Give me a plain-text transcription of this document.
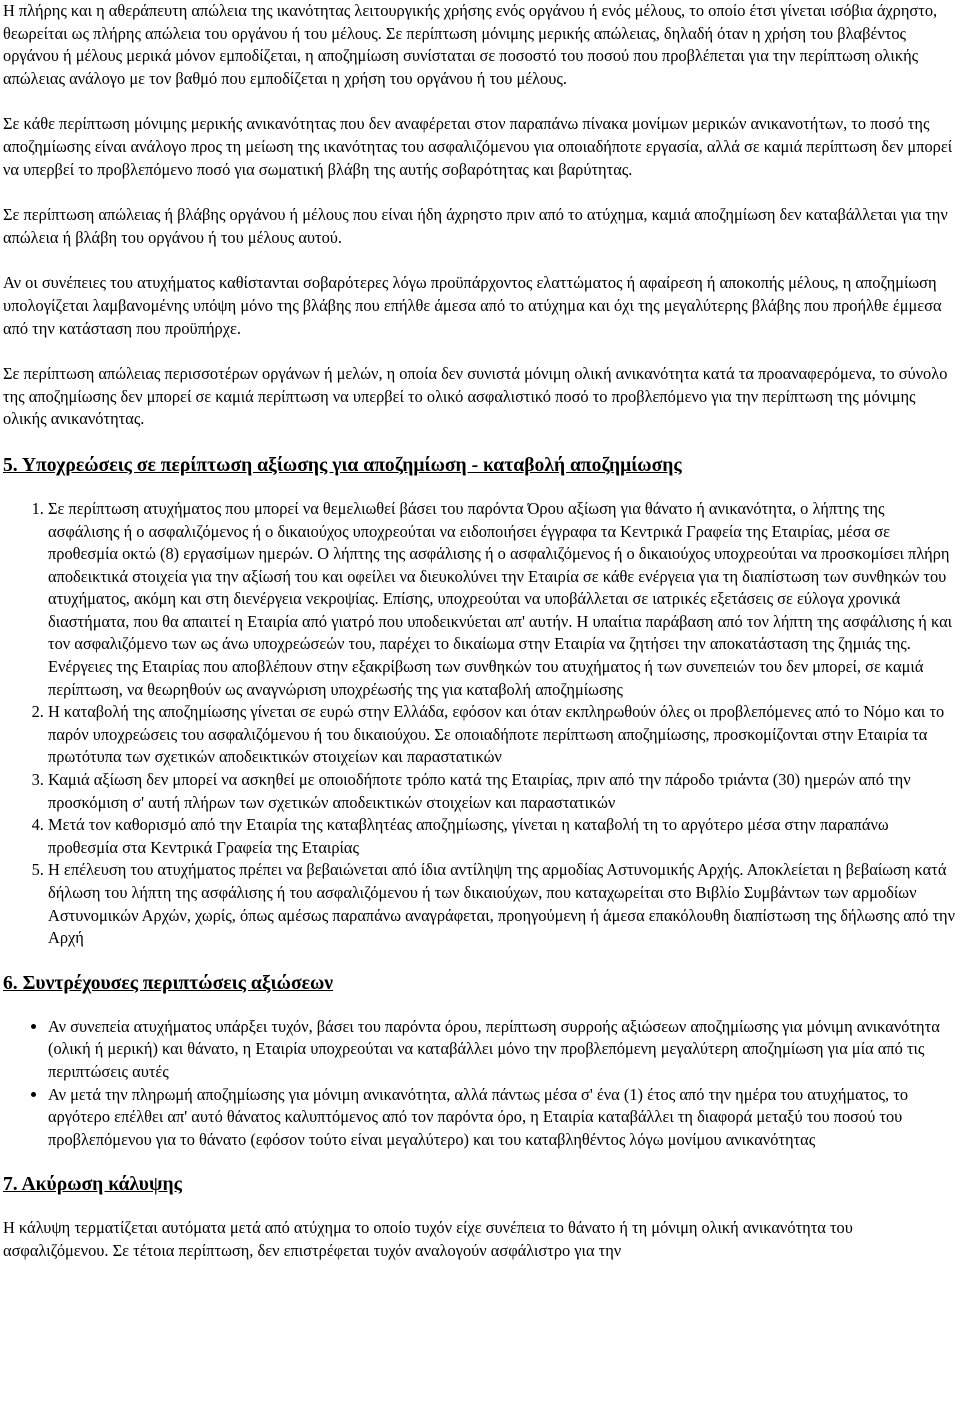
Η πλήρης και η αθεράπευτη απώλεια της ικανότητας λειτουργικής χρήσης ενός οργάνου ή ενός μέλους, το οποίο έτσι γίνεται ισόβια άχρηστο, θεωρείται ως πλήρης απώλεια του οργάνου ή του μέλους. Σε περίπτωση μόνιμης μερικής απώλειας, δηλαδή όταν η χρήση του βλαβέντος οργάνου ή μέλους μερικά μόνον εμποδίζεται, η αποζημίωση συνίσταται σε ποσοστό του ποσού που προβλέπεται για την περίπτωση ολικής απώλειας ανάλογο με τον βαθμό που εμποδίζεται η χρήση του οργάνου ή του μέλους.

Σε κάθε περίπτωση μόνιμης μερικής ανικανότητας που δεν αναφέρεται στον παραπάνω πίνακα μονίμων μερικών ανικανοτήτων, το ποσό της αποζημίωσης είναι ανάλογο προς τη μείωση της ικανότητας του ασφαλιζόμενου για οποιαδήποτε εργασία, αλλά σε καμιά περίπτωση δεν μπορεί να υπερβεί το προβλεπόμενο ποσό για σωματική βλάβη της αυτής σοβαρότητας και βαρύτητας.

Σε περίπτωση απώλειας ή βλάβης οργάνου ή μέλους που είναι ήδη άχρηστο πριν από το ατύχημα, καμιά αποζημίωση δεν καταβάλλεται για την απώλεια ή βλάβη του οργάνου ή του μέλους αυτού.

Αν οι συνέπειες του ατυχήματος καθίστανται σοβαρότερες λόγω προϋπάρχοντος ελαττώματος ή αφαίρεση ή αποκοπής μέλους, η αποζημίωση υπολογίζεται λαμβανομένης υπόψη μόνο της βλάβης που επήλθε άμεσα από το ατύχημα και όχι της μεγαλύτερης βλάβης που προήλθε έμμεσα από την κατάσταση που προϋπήρχε.

Σε περίπτωση απώλειας περισσοτέρων οργάνων ή μελών, η οποία δεν συνιστά μόνιμη ολική ανικανότητα κατά τα προαναφερόμενα, το σύνολο της αποζημίωσης δεν μπορεί σε καμιά περίπτωση να υπερβεί το ολικό ασφαλιστικό ποσό το προβλεπόμενο για την περίπτωση της μόνιμης ολικής ανικανότητας.

5. Υποχρεώσεις σε περίπτωση αξίωσης για αποζημίωση - καταβολή αποζημίωσης
1. Σε περίπτωση ατυχήματος που μπορεί να θεμελιωθεί βάσει του παρόντα Όρου αξίωση για θάνατο ή ανικανότητα, ο λήπτης της ασφάλισης ή ο ασφαλιζόμενος ή ο δικαιούχος υποχρεούται να ειδοποιήσει έγγραφα τα Κεντρικά Γραφεία της Εταιρίας, μέσα σε προθεσμία οκτώ (8) εργασίμων ημερών. Ο λήπτης της ασφάλισης ή ο ασφαλιζόμενος ή ο δικαιούχος υποχρεούται να προσκομίσει πλήρη αποδεικτικά στοιχεία για την αξίωσή του και οφείλει να διευκολύνει την Εταιρία σε κάθε ενέργεια για τη διαπίστωση των συνθηκών του ατυχήματος, ακόμη και στη διενέργεια νεκροψίας. Επίσης, υποχρεούται να υποβάλλεται σε ιατρικές εξετάσεις σε εύλογα χρονικά διαστήματα, που θα απαιτεί η Εταιρία από γιατρό που υποδεικνύεται απ' αυτήν. Η υπαίτια παράβαση από τον λήπτη της ασφάλισης ή και τον ασφαλιζόμενο των ως άνω υποχρεώσεών του, παρέχει το δικαίωμα στην Εταιρία να ζητήσει την αποκατάσταση της ζημιάς της. Ενέργειες της Εταιρίας που αποβλέπουν στην εξακρίβωση των συνθηκών του ατυχήματος ή των συνεπειών του δεν μπορεί, σε καμιά περίπτωση, να θεωρηθούν ως αναγνώριση υποχρέωσής της για καταβολή αποζημίωσης
2. Η καταβολή της αποζημίωσης γίνεται σε ευρώ στην Ελλάδα, εφόσον και όταν εκπληρωθούν όλες οι προβλεπόμενες από το Νόμο και το παρόν υποχρεώσεις του ασφαλιζόμενου ή του δικαιούχου. Σε οποιαδήποτε περίπτωση αποζημίωσης, προσκομίζονται στην Εταιρία τα πρωτότυπα των σχετικών αποδεικτικών στοιχείων και παραστατικών
3. Καμιά αξίωση δεν μπορεί να ασκηθεί με οποιοδήποτε τρόπο κατά της Εταιρίας, πριν από την πάροδο τριάντα (30) ημερών από την προσκόμιση σ' αυτή πλήρων των σχετικών αποδεικτικών στοιχείων και παραστατικών
4. Μετά τον καθορισμό από την Εταιρία της καταβλητέας αποζημίωσης, γίνεται η καταβολή τη το αργότερο μέσα στην παραπάνω προθεσμία στα Κεντρικά Γραφεία της Εταιρίας
5. Η επέλευση του ατυχήματος πρέπει να βεβαιώνεται από ίδια αντίληψη της αρμοδίας Αστυνομικής Αρχής. Αποκλείεται η βεβαίωση κατά δήλωση του λήπτη της ασφάλισης ή του ασφαλιζόμενου ή των δικαιούχων, που καταχωρείται στο Βιβλίο Συμβάντων των αρμοδίων Αστυνομικών Αρχών, χωρίς, όπως αμέσως παραπάνω αναγράφεται, προηγούμενη ή άμεσα επακόλουθη διαπίστωση της δήλωσης από την Αρχή
6. Συντρέχουσες περιπτώσεις αξιώσεων
• Αν συνεπεία ατυχήματος υπάρξει τυχόν, βάσει του παρόντα όρου, περίπτωση συρροής αξιώσεων αποζημίωσης για μόνιμη ανικανότητα (ολική ή μερική) και θάνατο, η Εταιρία υποχρεούται να καταβάλλει μόνο την προβλεπόμενη μεγαλύτερη αποζημίωση για μία από τις περιπτώσεις αυτές
• Αν μετά την πληρωμή αποζημίωσης για μόνιμη ανικανότητα, αλλά πάντως μέσα σ' ένα (1) έτος από την ημέρα του ατυχήματος, το αργότερο επέλθει απ' αυτό θάνατος καλυπτόμενος από τον παρόντα όρο, η Εταιρία καταβάλλει τη διαφορά μεταξύ του ποσού του προβλεπόμενου για το θάνατο (εφόσον τούτο είναι μεγαλύτερο) και του καταβληθέντος λόγω μονίμου ανικανότητας
7. Ακύρωση κάλυψης

Η κάλυψη τερματίζεται αυτόματα μετά από ατύχημα το οποίο τυχόν είχε συνέπεια το θάνατο ή τη μόνιμη ολική ανικανότητα του ασφαλιζόμενου. Σε τέτοια περίπτωση, δεν επιστρέφεται τυχόν αναλογούν ασφάλιστρο για την
